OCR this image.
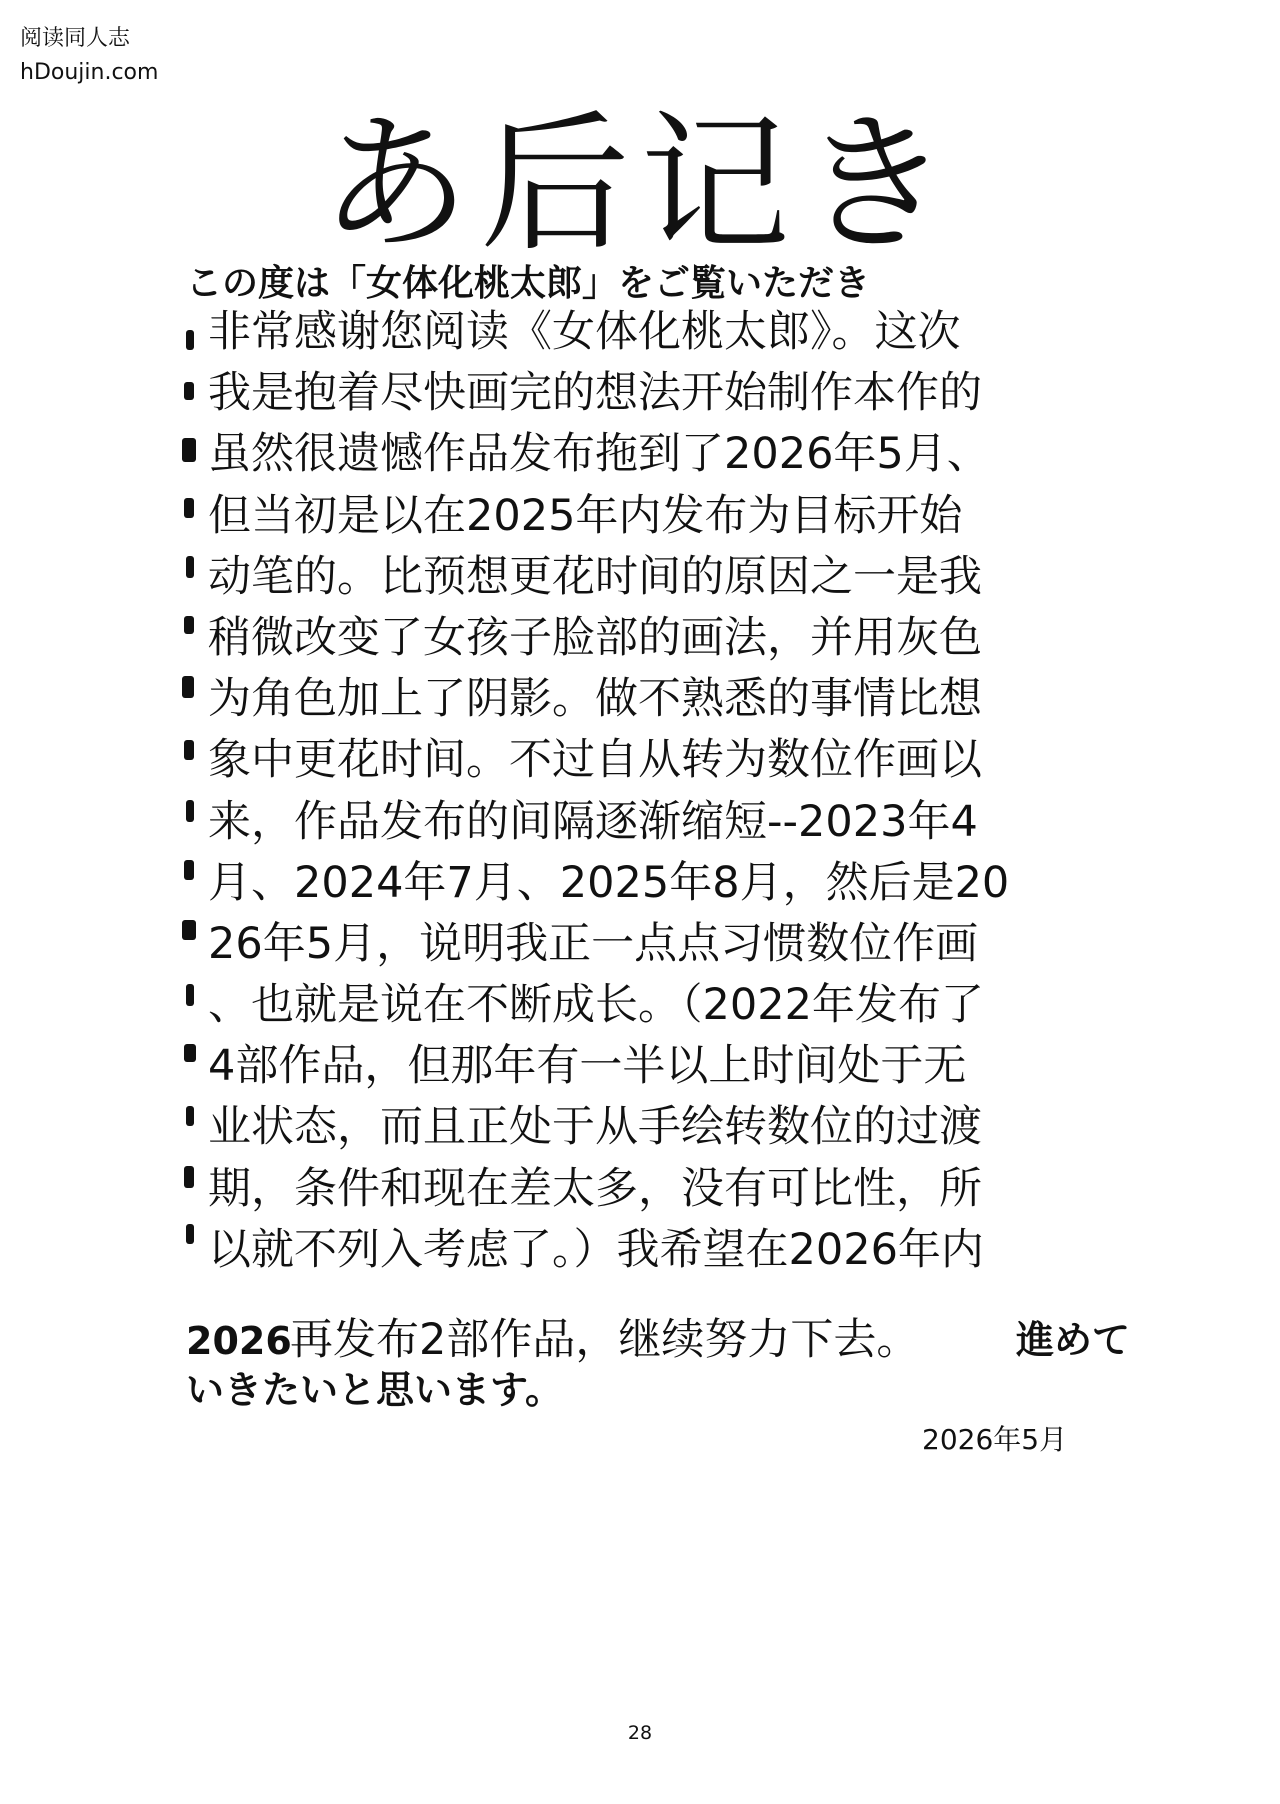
阅读同人志
hDoujin.com
あ后记き
この度は「女体化桃太郎」をご覧いただき
非常感谢您阅读《女体化桃太郎》。这次
我是抱着尽快画完的想法开始制作本作的
虽然很遗憾作品发布拖到了2026年5月、
但当初是以在2025年内发布为目标开始
动笔的。比预想更花时间的原因之一是我
稍微改变了女孩子脸部的画法，并用灰色
为角色加上了阴影。做不熟悉的事情比想
象中更花时间。不过自从转为数位作画以
来，作品发布的间隔逐渐缩短--2023年4
月、2024年7月、2025年8月，然后是20
26年5月，说明我正一点点习惯数位作画
、也就是说在不断成长。（2022年发布了
4部作品，但那年有一半以上时间处于无
业状态，而且正处于从手绘转数位的过渡
期，条件和现在差太多，没有可比性，所
以就不列入考虑了。）我希望在2026年内
2026再发布2部作品，继续努力下去。	進めて
いきたいと思います。
2026年5月
28
